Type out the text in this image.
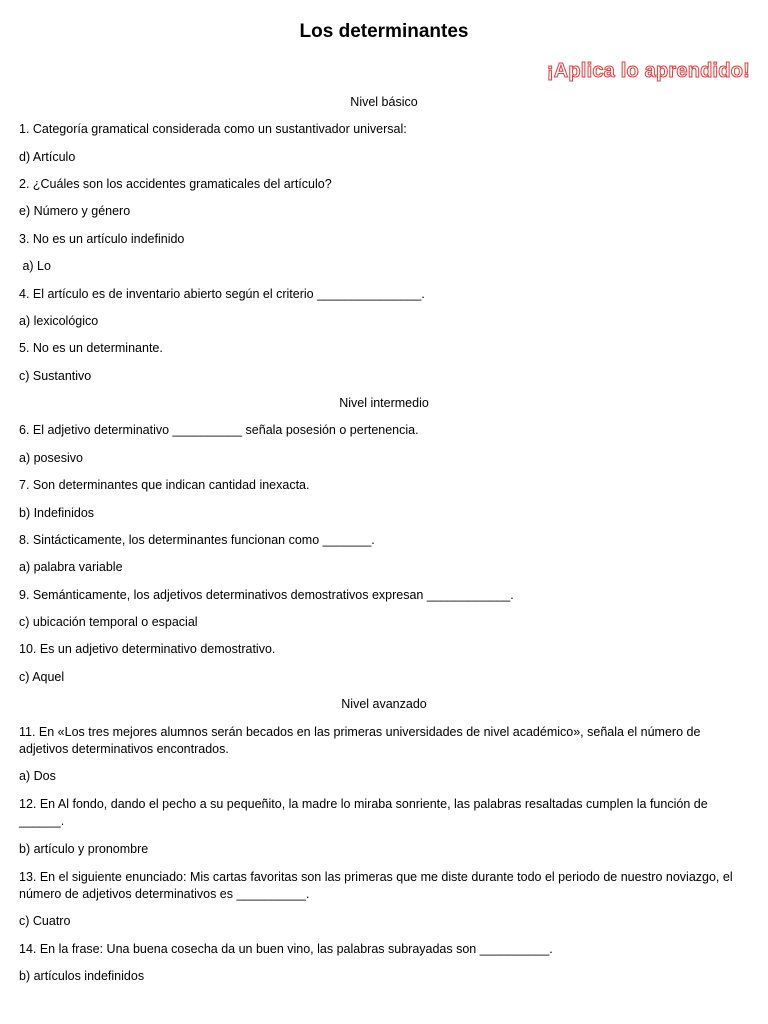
Los determinantes
¡Aplica lo aprendido!
Nivel básico
1. Categoría gramatical considerada como un sustantivador universal:
d) Artículo
2. ¿Cuáles son los accidentes gramaticales del artículo?
e) Número y género
3. No es un artículo indefinido
a) Lo
4. El artículo es de inventario abierto según el criterio _______________.
a) lexicológico
5. No es un determinante.
c) Sustantivo
Nivel intermedio
6. El adjetivo determinativo __________ señala posesión o pertenencia.
a) posesivo
7. Son determinantes que indican cantidad inexacta.
b) Indefinidos
8. Sintácticamente, los determinantes funcionan como _______.
a) palabra variable
9. Semánticamente, los adjetivos determinativos demostrativos expresan ____________.
c) ubicación temporal o espacial
10. Es un adjetivo determinativo demostrativo.
c) Aquel
Nivel avanzado
11. En «Los tres mejores alumnos serán becados en las primeras universidades de nivel académico», señala el número de adjetivos determinativos encontrados.
a) Dos
12. En Al fondo, dando el pecho a su pequeñito, la madre lo miraba sonriente, las palabras resaltadas cumplen la función de ______.
b) artículo y pronombre
13. En el siguiente enunciado: Mis cartas favoritas son las primeras que me diste durante todo el periodo de nuestro noviazgo, el número de adjetivos determinativos es __________.
c) Cuatro
14. En la frase: Una buena cosecha da un buen vino, las palabras subrayadas son __________.
b) artículos indefinidos
